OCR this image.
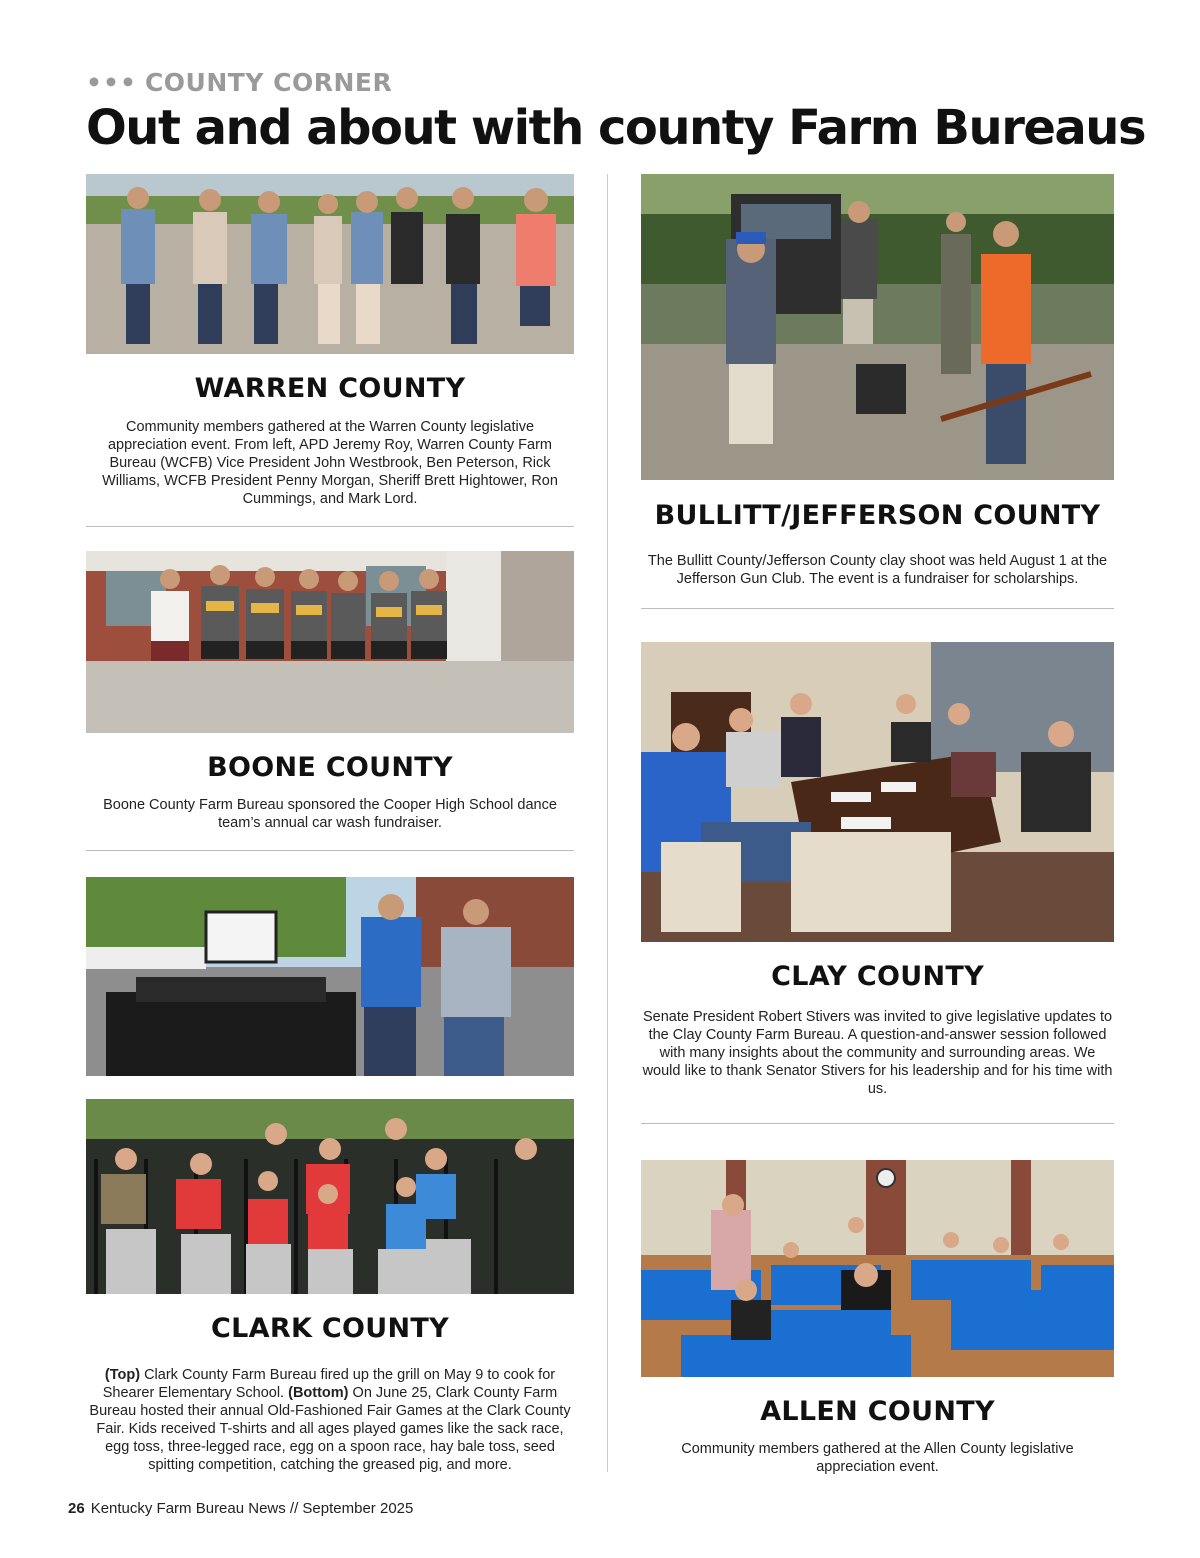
••• COUNTY CORNER
Out and about with county Farm Bureaus
WARREN COUNTY

Community members gathered at the Warren County legislative appreciation event. From left, APD Jeremy Roy, Warren County Farm Bureau (WCFB) Vice President John Westbrook, Ben Peterson, Rick Williams, WCFB President Penny Morgan, Sheriff Brett Hightower, Ron Cummings, and Mark Lord.

BOONE COUNTY

Boone County Farm Bureau sponsored the Cooper High School dance team’s annual car wash fundraiser.

CLARK COUNTY

(Top) Clark County Farm Bureau fired up the grill on May 9 to cook for Shearer Elementary School. (Bottom) On June 25, Clark County Farm Bureau hosted their annual Old-Fashioned Fair Games at the Clark County Fair. Kids received T-shirts and all ages played games like the sack race, egg toss, three-legged race, egg on a spoon race, hay bale toss, seed spitting competition, catching the greased pig, and more.

BULLITT/JEFFERSON COUNTY

The Bullitt County/Jefferson County clay shoot was held August 1 at the Jefferson Gun Club. The event is a fundraiser for scholarships.

CLAY COUNTY

Senate President Robert Stivers was invited to give legislative updates to the Clay County Farm Bureau. A question-and-answer session followed with many insights about the community and surrounding areas. We would like to thank Senator Stivers for his leadership and for his time with us.

ALLEN COUNTY

Community members gathered at the Allen County legislative appreciation event.

26 Kentucky Farm Bureau News // September 2025
